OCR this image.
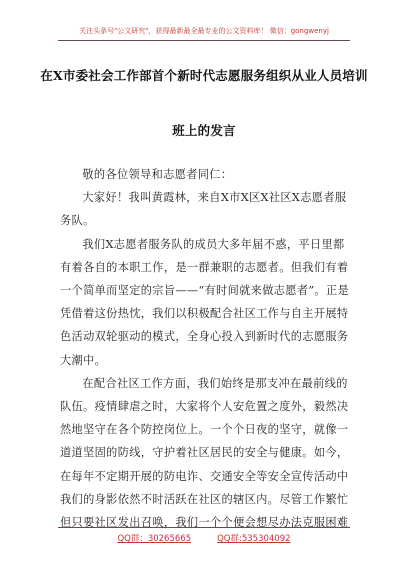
关注头条号"公文研究"，获得最新最全最专业的公文资料库！ 微信：gongwenyj
在X市委社会工作部首个新时代志愿服务组织从业人员培训
班上的发言

敬的各位领导和志愿者同仁：

大家好！我叫黄霞林，来自X市X区X社区X志愿者服务队。

我们X志愿者服务队的成员大多年届不惑，平日里都有着各自的本职工作，是一群兼职的志愿者。但我们有着一个简单而坚定的宗旨——“有时间就来做志愿者”。正是凭借着这份热忱，我们以积极配合社区工作与自主开展特色活动双轮驱动的模式，全身心投入到新时代的志愿服务大潮中。

在配合社区工作方面，我们始终是那支冲在最前线的队伍。疫情肆虐之时，大家将个人安危置之度外，毅然决然地坚守在各个防控岗位上。一个个日夜的坚守，就像一道道坚固的防线，守护着社区居民的安全与健康。如今，在每年不定期开展的防电诈、交通安全等安全宣传活动中我们的身影依然不时活跃在社区的辖区内。尽管工作繁忙但只要社区发出召唤，我们一个个便会想尽办法克服困难

QQ群：30265665	QQ群:535304092
